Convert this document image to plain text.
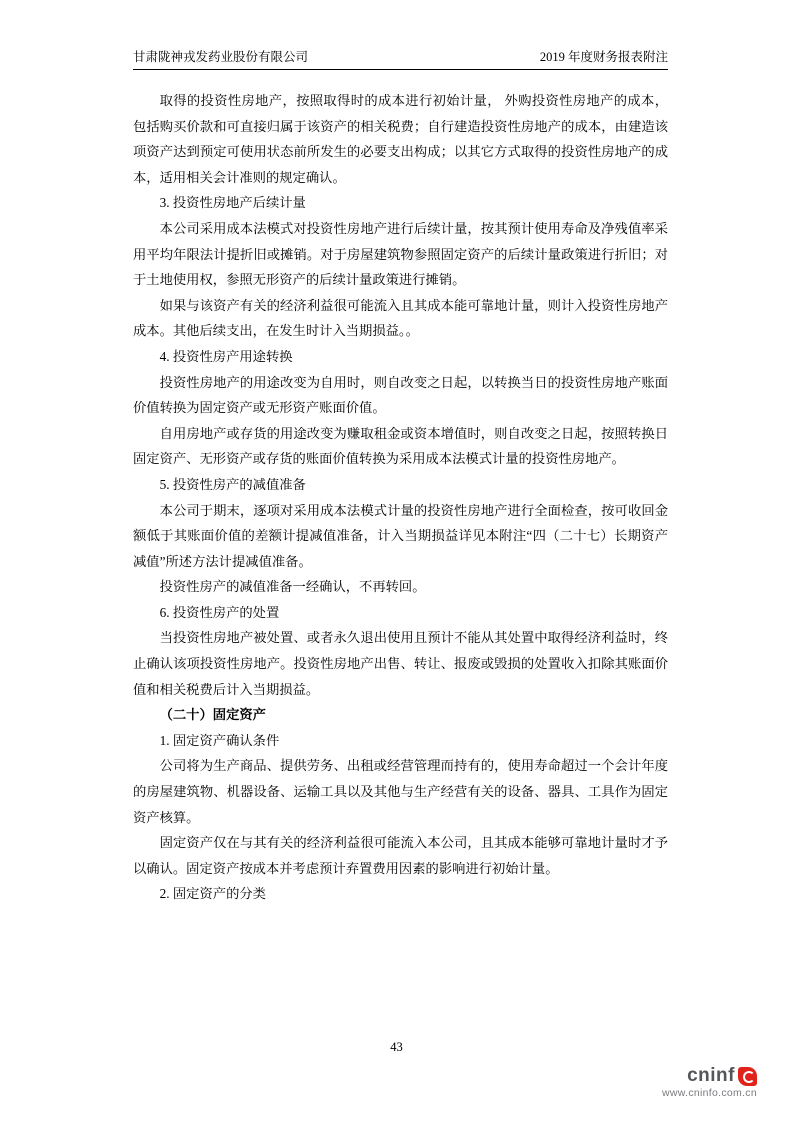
甘肃陇神戎发药业股份有限公司	2019 年度财务报表附注

取得的投资性房地产，按照取得时的成本进行初始计量， 外购投资性房地产的成本，包括购买价款和可直接归属于该资产的相关税费；自行建造投资性房地产的成本，由建造该项资产达到预定可使用状态前所发生的必要支出构成；以其它方式取得的投资性房地产的成本，适用相关会计准则的规定确认。

3. 投资性房地产后续计量

本公司采用成本法模式对投资性房地产进行后续计量，按其预计使用寿命及净残值率采用平均年限法计提折旧或摊销。对于房屋建筑物参照固定资产的后续计量政策进行折旧；对于土地使用权，参照无形资产的后续计量政策进行摊销。

如果与该资产有关的经济利益很可能流入且其成本能可靠地计量，则计入投资性房地产成本。其他后续支出，在发生时计入当期损益。。

4. 投资性房产用途转换

投资性房地产的用途改变为自用时，则自改变之日起，以转换当日的投资性房地产账面价值转换为固定资产或无形资产账面价值。

自用房地产或存货的用途改变为赚取租金或资本增值时，则自改变之日起，按照转换日固定资产、无形资产或存货的账面价值转换为采用成本法模式计量的投资性房地产。

5. 投资性房产的减值准备

本公司于期末，逐项对采用成本法模式计量的投资性房地产进行全面检查，按可收回金额低于其账面价值的差额计提减值准备，计入当期损益详见本附注“四（二十七）长期资产减值”所述方法计提减值准备。

投资性房产的减值准备一经确认，不再转回。

6. 投资性房产的处置

当投资性房地产被处置、或者永久退出使用且预计不能从其处置中取得经济利益时，终止确认该项投资性房地产。投资性房地产出售、转让、报废或毁损的处置收入扣除其账面价值和相关税费后计入当期损益。

（二十）固定资产

1. 固定资产确认条件

公司将为生产商品、提供劳务、出租或经营管理而持有的，使用寿命超过一个会计年度的房屋建筑物、机器设备、运输工具以及其他与生产经营有关的设备、器具、工具作为固定资产核算。

固定资产仅在与其有关的经济利益很可能流入本公司，且其成本能够可靠地计量时才予以确认。固定资产按成本并考虑预计弃置费用因素的影响进行初始计量。

2. 固定资产的分类

43
cninf
www.cninfo.com.cn
